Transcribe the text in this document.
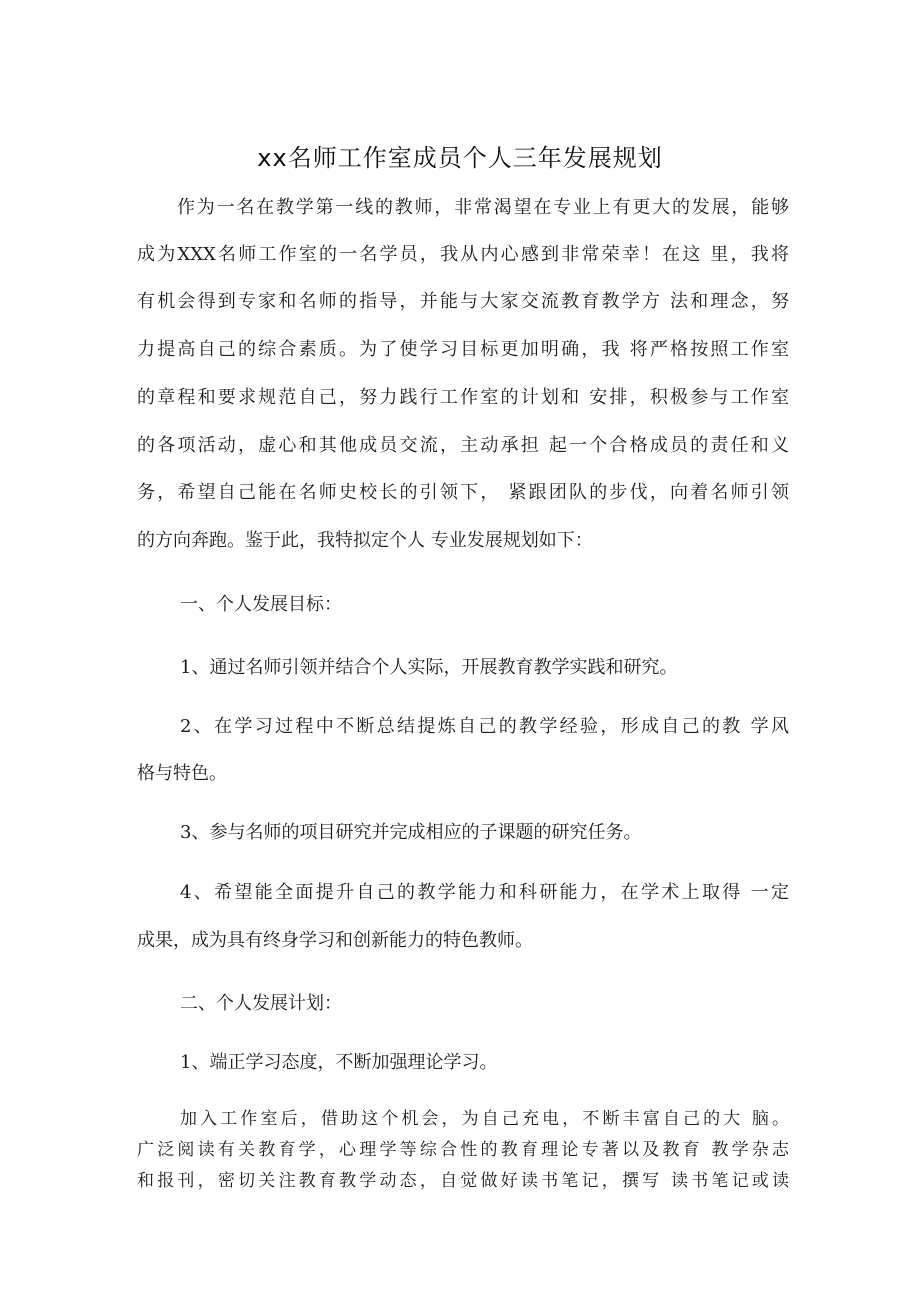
xx名师工作室成员个人三年发展规划
作为一名在教学第一线的教师，非常渴望在专业上有更大的发展，能够
成为XXX名师工作室的一名学员，我从内心感到非常荣幸！在这 里，我将
有机会得到专家和名师的指导，并能与大家交流教育教学方 法和理念，努
力提高自己的综合素质。为了使学习目标更加明确，我 将严格按照工作室
的章程和要求规范自己，努力践行工作室的计划和 安排，积极参与工作室
的各项活动，虚心和其他成员交流，主动承担 起一个合格成员的责任和义
务，希望自己能在名师史校长的引领下， 紧跟团队的步伐，向着名师引领
的方向奔跑。鉴于此，我特拟定个人 专业发展规划如下：
一、个人发展目标：
1、通过名师引领并结合个人实际，开展教育教学实践和研究。
2、在学习过程中不断总结提炼自己的教学经验，形成自己的教 学风
格与特色。
3、参与名师的项目研究并完成相应的子课题的研究任务。
4、希望能全面提升自己的教学能力和科研能力，在学术上取得 一定
成果，成为具有终身学习和创新能力的特色教师。
二、个人发展计划：
1、端正学习态度，不断加强理论学习。
加入工作室后，借助这个机会，为自己充电，不断丰富自己的大 脑。
广泛阅读有关教育学，心理学等综合性的教育理论专著以及教育 教学杂志
和报刊，密切关注教育教学动态，自觉做好读书笔记，撰写 读书笔记或读
